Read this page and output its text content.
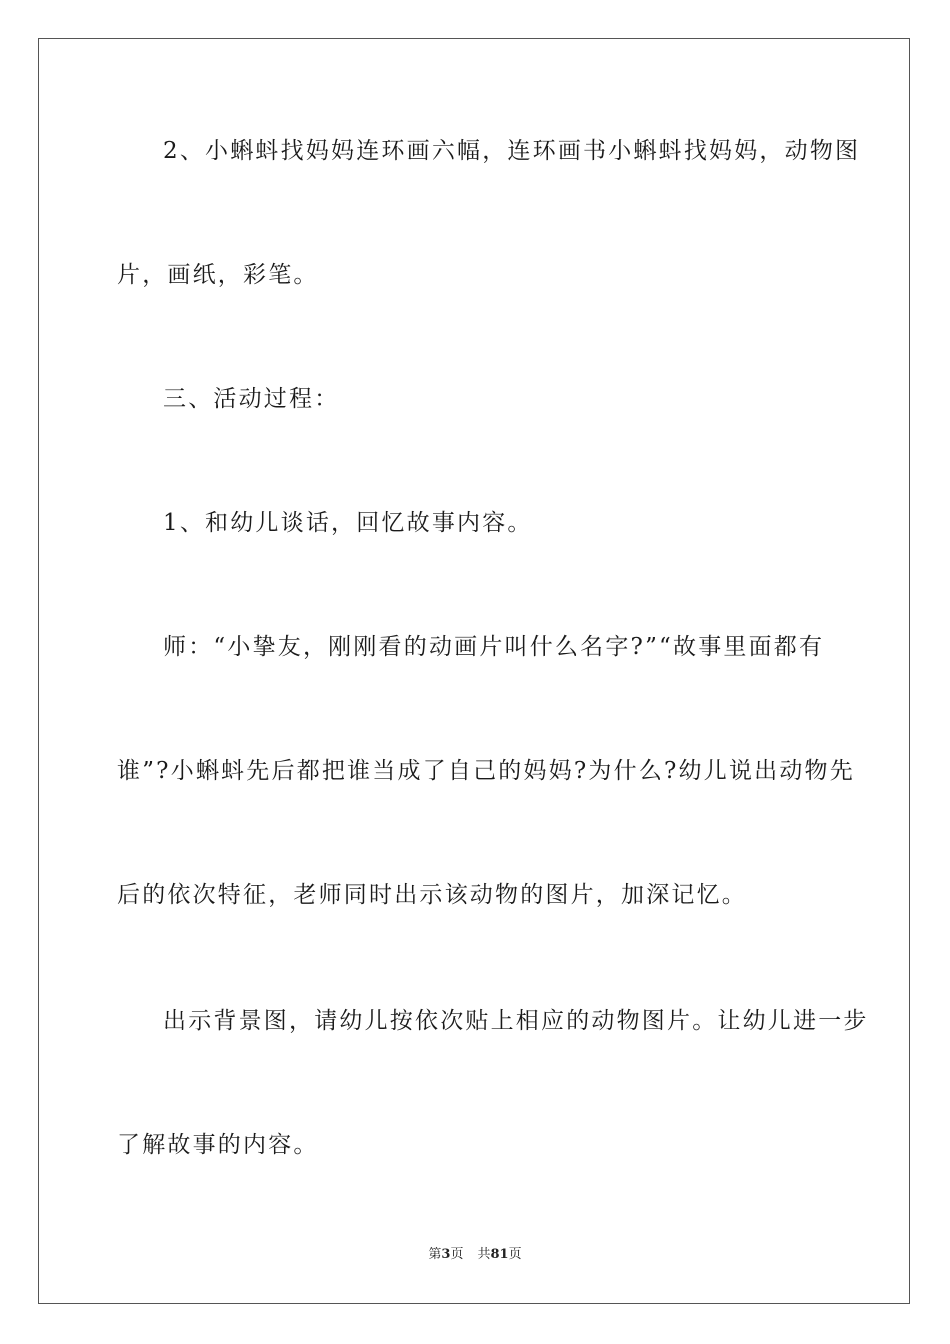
2、小蝌蚪找妈妈连环画六幅，连环画书小蝌蚪找妈妈，动物图
片，画纸，彩笔。
三、活动过程：
1、和幼儿谈话，回忆故事内容。
师：“小挚友，刚刚看的动画片叫什么名字?”“故事里面都有
谁”?小蝌蚪先后都把谁当成了自己的妈妈?为什么?幼儿说出动物先
后的依次特征，老师同时出示该动物的图片，加深记忆。
出示背景图，请幼儿按依次贴上相应的动物图片。让幼儿进一步
了解故事的内容。
第3页 共81页
